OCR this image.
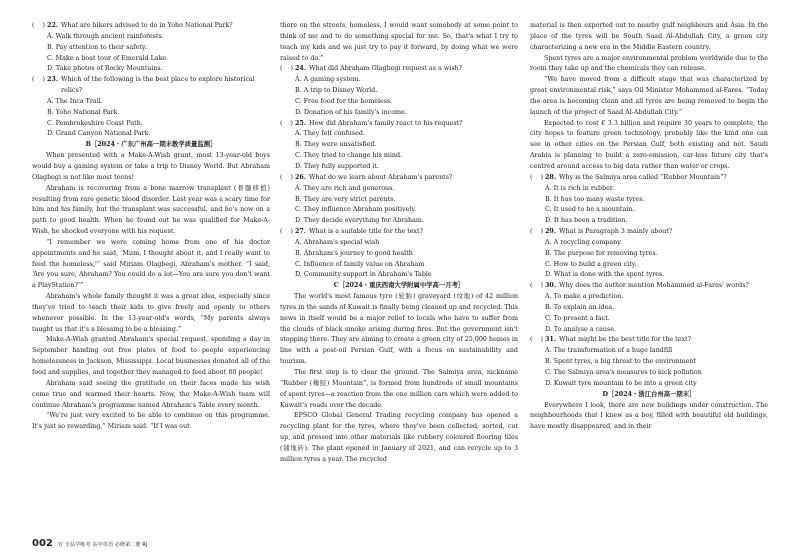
(    ) 22. What are hikers advised to do in Yoho National Park?

A. Walk through ancient rainforests.

B. Pay attention to their safety.

C. Make a boat tour of Emerald Lake.

D. Take photos of Rocky Mountains.

(    ) 23. Which of the following is the best place to explore historical relics?

A. The Inca Trail.

B. Yoho National Park.

C. Pembrokeshire Coast Path.

D. Grand Canyon National Park.

B［2024・广东广州高一期末教学质量监测］

When presented with a Make-A-Wish grant, most 13-year-old boys would buy a gaming system or take a trip to Disney World. But Abraham Olagbegi is not like most teens!

Abraham is recovering from a bone marrow transplant (骨髓移植) resulting from rare genetic blood disorder. Last year was a scary time for him and his family, but the transplant was successful, and he's now on a path to good health. When he found out he was qualified for Make-A-Wish, he shocked everyone with his request.

“I remember we were coming home from one of his doctor appointments and he said, ‘Mum, I thought about it, and I really want to feed the homeless,’” said Miriam Olagbegi, Abraham's mother. “I said, ‘Are you sure, Abraham? You could do a lot—You are sure you don't want a PlayStation?’”

Abraham's whole family thought it was a great idea, especially since they've tried to teach their kids to give freely and openly to others whenever possible. In the 13-year-old's words, “My parents always taught us that it's a blessing to be a blessing.”

Make-A-Wish granted Abraham's special request, spending a day in September handing out free plates of food to people experiencing homelessness in Jackson, Mississippi. Local businesses donated all of the food and supplies, and together they managed to feed about 80 people!

Abraham said seeing the gratitude on their faces made his wish come true and warmed their hearts. Now, the Make-A-Wish team will continue Abraham's programme named Abraham's Table every month.

“We're just very excited to be able to continue on this programme. It's just so rewarding,” Miriam said. “If I was out

there on the streets, homeless, I would want somebody at some point to think of me and to do something special for me. So, that's what I try to teach my kids and we just try to pay it forward, by doing what we were raised to do.”

(    ) 24. What did Abraham Olagbegi request as a wish?

A. A gaming system.

B. A trip to Disney World.

C. Free food for the homeless.

D. Donation of his family's income.

(    ) 25. How did Abraham's family react to his request?

A. They felt confused.

B. They were unsatisfied.

C. They tried to change his mind.

D. They fully supported it.

(    ) 26. What do we learn about Abraham's parents?

A. They are rich and generous.

B. They are very strict parents.

C. They influence Abraham positively.

D. They decide everything for Abraham.

(    ) 27. What is a suitable title for the text?

A. Abraham's special wish

B. Abraham's journey to good health

C. Influence of family value on Abraham

D. Community support in Abraham's Table

C［2024・重庆西南大学附属中学高一月考］

The world's most famous tyre (轮胎) graveyard (坟地) of 42 million tyres in the sands of Kuwait is finally being cleaned up and recycled. This news in itself would be a major relief to locals who have to suffer from the clouds of black smoke arising during fires. But the government isn't stopping there. They are aiming to create a green city of 25,000 homes in line with a post-oil Persian Gulf, with a focus on sustainability and tourism.

The first step is to clear the ground. The Salmiya area, nickname “Rubber (橡胶) Mountain”, is formed from hundreds of small mountains of spent tyres—a reaction from the one million cars which were added to Kuwait's roads over the decade.

EPSCO Global General Trading recycling company has opened a recycling plant for the tyres, where they've been collected, sorted, cut up, and pressed into other materials like rubbery coloured flooring tiles (铺地砖). The plant opened in January of 2021, and can recycle up to 3 million tyres a year. The recycled

material is then exported out to nearby gulf neighbours and Asia. In the place of the tyres will be South Saad Al-Abdullah City, a green city characterizing a new era in the Middle Eastern country.

Spent tyres are a major environmental problem worldwide due to the room they take up and the chemicals they can release.

“We have moved from a difficult stage that was characterized by great environmental risk,” says Oil Minister Mohammed al-Fares. “Today the area is becoming clean and all tyres are being removed to begin the launch of the project of Saad Al-Abdullah City.”

Expected to cost € 3.3 billion and require 30 years to complete, the city hopes to feature green technology, probably like the kind one can see in other cities on the Persian Gulf, both existing and not. Saudi Arabia is planning to build a zero-emission, car-less future city that's centred around access to big data rather than water or crops.

(    ) 28. Why is the Salmiya area called “Rubber Mountain”?

A. It is rich in rubber.

B. It has too many waste tyres.

C. It used to be a mountain.

D. It has been a tradition.

(    ) 29. What is Paragraph 3 mainly about?

A. A recycling company.

B. The purpose for removing tyres.

C. How to build a green city.

D. What is done with the spent tyres.

(    ) 30. Why does the author mention Mohammed al-Fares' words?

A. To make a prediction.

B. To explain an idea.

C. To present a fact.

D. To analyse a cause.

(    ) 31. What might be the best title for the text?

A. The transformation of a huge landfill

B. Spent tyres, a big threat to the environment

C. The Salmiya area's measures to kick pollution

D. Kuwait tyre mountain to be into a green city

D［2024・浙江台州高一期末］

Everywhere I look, there are new buildings under construction. The neighbourhoods that I knew as a boy, filled with beautiful old buildings, have mostly disappeared, and in their

002 有 全品学练考 高中英语 必修第二册 RJ
